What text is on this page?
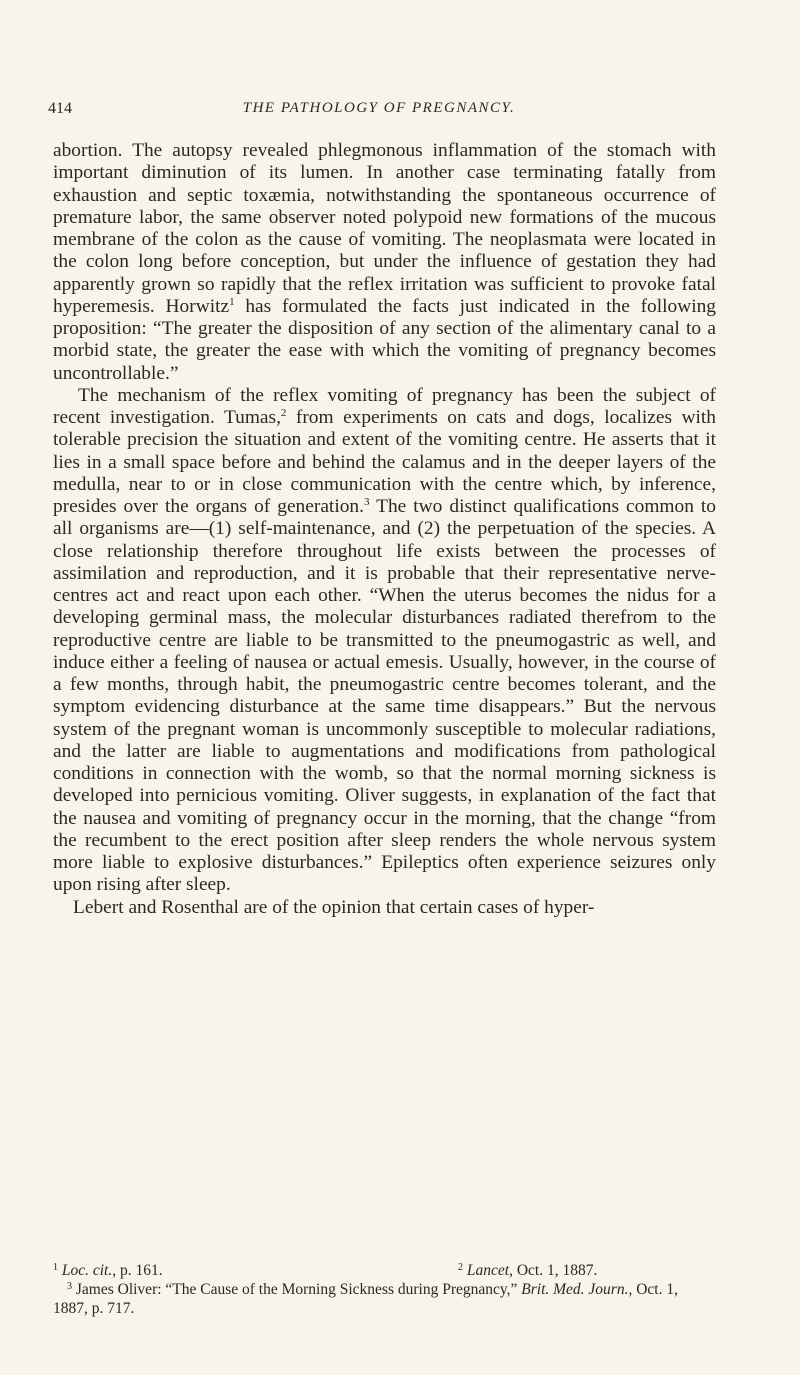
414	THE PATHOLOGY OF PREGNANCY.

abortion. The autopsy revealed phlegmonous inflammation of the stomach with important diminution of its lumen. In another case terminating fatally from exhaustion and septic toxæmia, notwithstanding the spontaneous occurrence of premature labor, the same observer noted polypoid new formations of the mucous membrane of the colon as the cause of vomiting. The neoplasmata were located in the colon long before conception, but under the influence of gestation they had apparently grown so rapidly that the reflex irritation was sufficient to provoke fatal hyperemesis. Horwitz$^1$ has formulated the facts just indicated in the following proposition: “The greater the disposition of any section of the alimentary canal to a morbid state, the greater the ease with which the vomiting of pregnancy becomes uncontrollable.”

The mechanism of the reflex vomiting of pregnancy has been the subject of recent investigation. Tumas,$^2$ from experiments on cats and dogs, localizes with tolerable precision the situation and extent of the vomiting centre. He asserts that it lies in a small space before and behind the calamus and in the deeper layers of the medulla, near to or in close communication with the centre which, by inference, presides over the organs of generation.$^3$ The two distinct qualifications common to all organisms are—(1) self-maintenance, and (2) the perpetuation of the species. A close relationship therefore throughout life exists between the processes of assimilation and reproduction, and it is probable that their representative nerve-centres act and react upon each other. “When the uterus becomes the nidus for a developing germinal mass, the molecular disturbances radiated therefrom to the reproductive centre are liable to be transmitted to the pneumogastric as well, and induce either a feeling of nausea or actual emesis. Usually, however, in the course of a few months, through habit, the pneumogastric centre becomes tolerant, and the symptom evidencing disturbance at the same time disappears.” But the nervous system of the pregnant woman is uncommonly susceptible to molecular radiations, and the latter are liable to augmentations and modifications from pathological conditions in connection with the womb, so that the normal morning sickness is developed into pernicious vomiting. Oliver suggests, in explanation of the fact that the nausea and vomiting of pregnancy occur in the morning, that the change “from the recumbent to the erect position after sleep renders the whole nervous system more liable to explosive disturbances.” Epileptics often experience seizures only upon rising after sleep.

Lebert and Rosenthal are of the opinion that certain cases of hyper-

$^1$ Loc. cit., p. 161.	$^2$ Lancet, Oct. 1, 1887.
$^3$ James Oliver: “The Cause of the Morning Sickness during Pregnancy,” Brit. Med. Journ., Oct. 1, 1887, p. 717.
